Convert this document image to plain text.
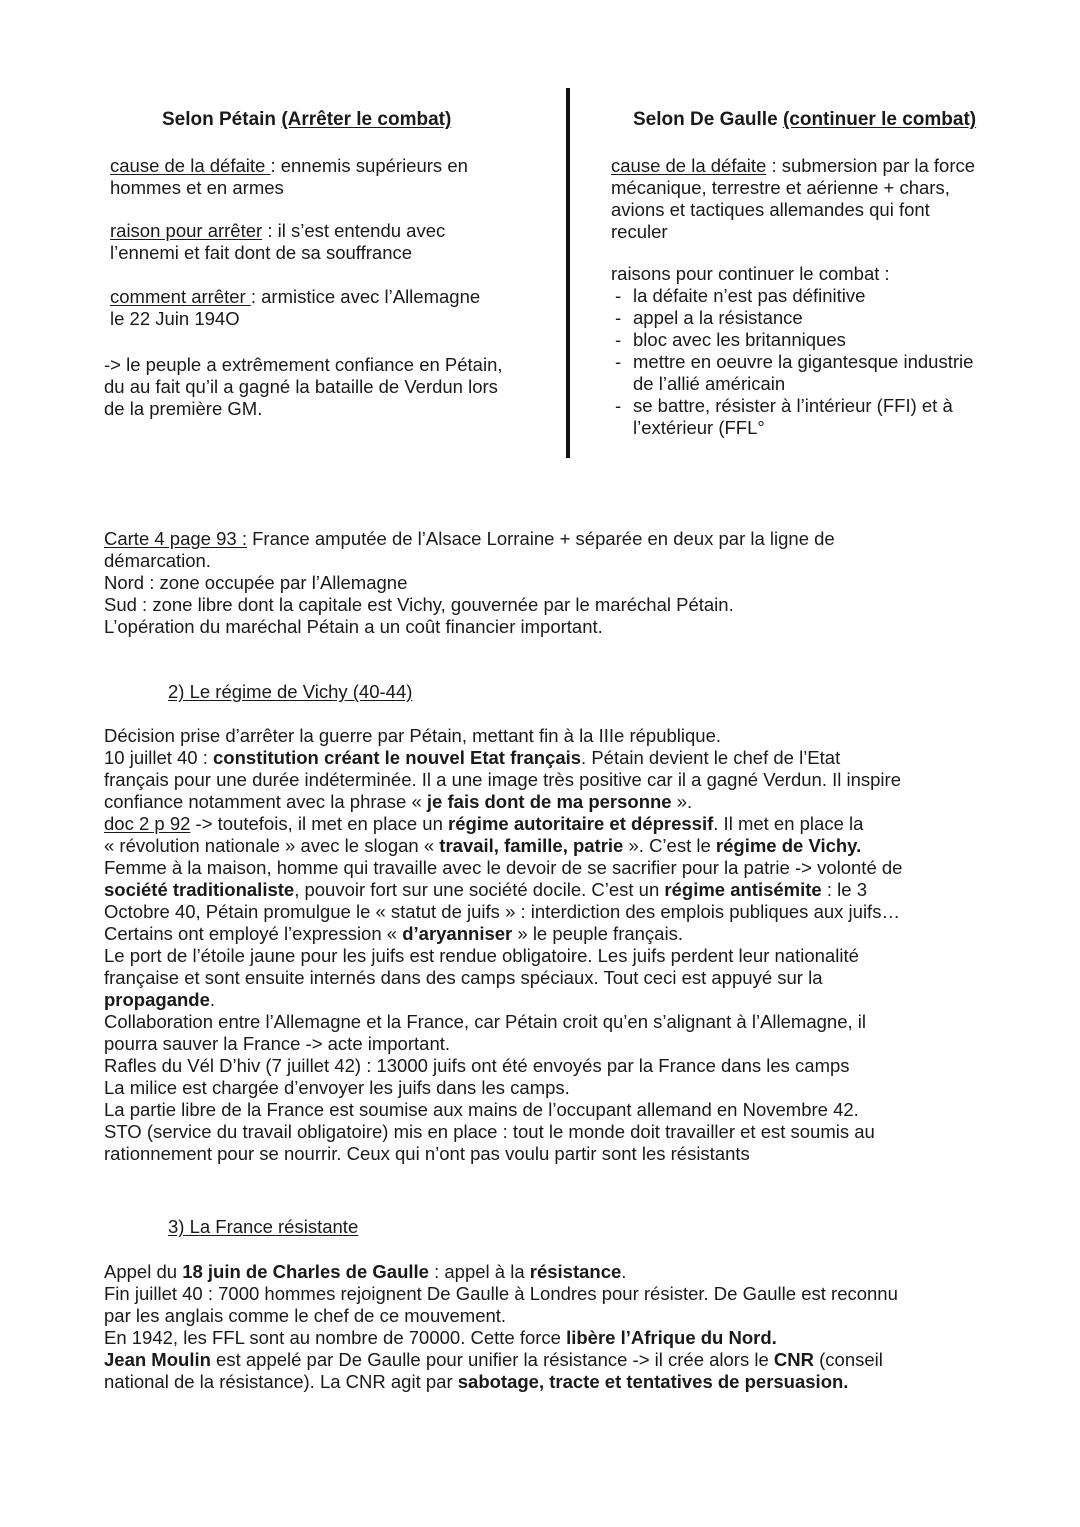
Selon Pétain (Arrêter le combat)
cause de la défaite : ennemis supérieurs en
hommes et en armes
raison pour arrêter : il s’est entendu avec
l’ennemi et fait dont de sa souffrance
comment arrêter : armistice avec l’Allemagne
le 22 Juin 194O
-> le peuple a extrêmement confiance en Pétain,
du au fait qu’il a gagné la bataille de Verdun lors
de la première GM.
Selon De Gaulle (continuer le combat)
cause de la défaite : submersion par la force
mécanique, terrestre et aérienne + chars,
avions et tactiques allemandes qui font
reculer
raisons pour continuer le combat :
- la défaite n’est pas définitive
- appel a la résistance
- bloc avec les britanniques
- mettre en oeuvre la gigantesque industrie
de l’allié américain
- se battre, résister à l’intérieur (FFI) et à
l’extérieur (FFL°
Carte 4 page 93 : France amputée de l’Alsace Lorraine + séparée en deux par la ligne de
démarcation.
Nord : zone occupée par l’Allemagne
Sud : zone libre dont la capitale est Vichy, gouvernée par le maréchal Pétain.
L’opération du maréchal Pétain a un coût financier important.
2) Le régime de Vichy (40-44)
Décision prise d’arrêter la guerre par Pétain, mettant fin à la IIIe république.
10 juillet 40 : constitution créant le nouvel Etat français. Pétain devient le chef de l’Etat
français pour une durée indéterminée. Il a une image très positive car il a gagné Verdun. Il inspire
confiance notamment avec la phrase « je fais dont de ma personne ».
doc 2 p 92 -> toutefois, il met en place un régime autoritaire et dépressif. Il met en place la
« révolution nationale » avec le slogan « travail, famille, patrie ». C’est le régime de Vichy.
Femme à la maison, homme qui travaille avec le devoir de se sacrifier pour la patrie -> volonté de
société traditionaliste, pouvoir fort sur une société docile. C’est un régime antisémite : le 3
Octobre 40, Pétain promulgue le « statut de juifs » : interdiction des emplois publiques aux juifs…
Certains ont employé l’expression « d’aryanniser » le peuple français.
Le port de l’étoile jaune pour les juifs est rendue obligatoire. Les juifs perdent leur nationalité
française et sont ensuite internés dans des camps spéciaux. Tout ceci est appuyé sur la
propagande.
Collaboration entre l’Allemagne et la France, car Pétain croit qu’en s’alignant à l’Allemagne, il
pourra sauver la France -> acte important.
Rafles du Vél D’hiv (7 juillet 42) : 13000 juifs ont été envoyés par la France dans les camps
La milice est chargée d’envoyer les juifs dans les camps.
La partie libre de la France est soumise aux mains de l’occupant allemand en Novembre 42.
STO (service du travail obligatoire) mis en place : tout le monde doit travailler et est soumis au
rationnement pour se nourrir. Ceux qui n’ont pas voulu partir sont les résistants
3) La France résistante
Appel du 18 juin de Charles de Gaulle : appel à la résistance.
Fin juillet 40 : 7000 hommes rejoignent De Gaulle à Londres pour résister. De Gaulle est reconnu
par les anglais comme le chef de ce mouvement.
En 1942, les FFL sont au nombre de 70000. Cette force libère l’Afrique du Nord.
Jean Moulin est appelé par De Gaulle pour unifier la résistance -> il crée alors le CNR (conseil
national de la résistance). La CNR agit par sabotage, tracte et tentatives de persuasion.
